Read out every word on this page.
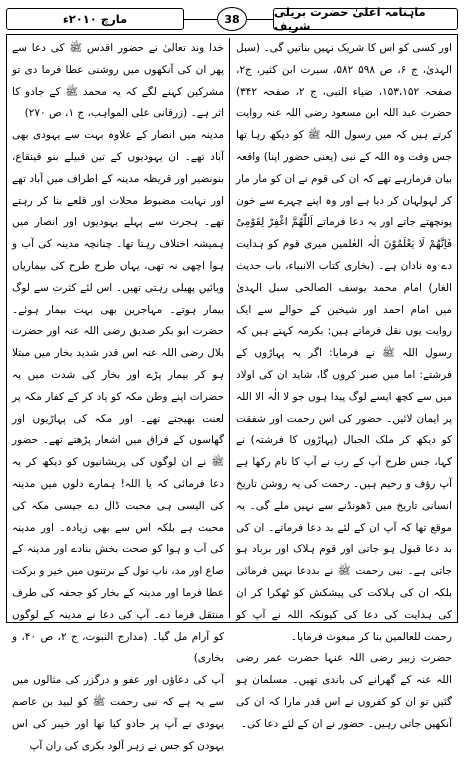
ماہنامہ اعلیٰ حضرت بریلی شریف
38
مارچ ۲۰۱۰ء

اور کسی کو اس کا شریک نہیں بناتیں گی۔ (سبل الہدیٰ، ج ۶، ص ۵۹۸ ۵۸۲، سیرت ابن کثیر، ج۲، صفحہ ۱۵۳،۱۵۲، ضیاء النبی، ج ۲، صفحہ ۳۴۲) حضرت عبد اللہ ابن مسعود رضی اللہ عنہ روایت کرتے ہیں کہ میں رسول اللہ ﷺ کو دیکھ رہا تھا جس وقت وہ اللہ کے نبی (یعنی حضور اپنا) واقعہ بیان فرمارہے تھے کہ ان کی قوم نے ان کو مار مار کر لہولہان کر دیا ہے اور وہ اپنے چہرے سے خون پونچھتے جاتے اور یہ دعا فرماتے اَللّٰھُمَّ اغْفِرْ لِقَوْمِیْ فَاِنَّھُمْ لَا یَعْلَمُوْنَ الٰہ العٰلمین میری قوم کو ہدایت دے وہ نادان ہے۔ (بخاری کتاب الانبیاء، باب حدیث الغار) امام محمد یوسف الصالحی سبل الہدیٰ میں امام احمد اور شیخین کے حوالے سے ایک روایت یوں نقل فرماتے ہیں: بکرمہ کہتے ہیں کہ رسول اللہ ﷺ نے فرمایا: اگر یہ پہاڑوں کے فرشتے: اما میں صبر کروں گا، شاید ان کی اولاد میں سے کچھ ایسے لوگ پیدا ہوں جو لا الٰہ الا اللہ پر ایمان لائیں۔ حضور کی اس رحمت اور شفقت کو دیکھ کر ملک الجبال (پہاڑوں کا فرشتہ) نے کہا، جس طرح آپ کے رب نے آپ کا نام رکھا ہے آپ رؤف و رحیم ہیں۔ رحمت کی یہ روشن تاریخ انسانی تاریخ میں ڈھونڈنے سے نہیں ملے گی۔ یہ موقع تھا کہ آپ ان کے لئے بد دعا فرماتے۔ ان کی بد دعا قبول ہو جاتی اور قوم ہلاک اور برباد ہو جاتی ہے۔ نبی رحمت ﷺ نے بددعا نہیں فرمائی بلکہ ان کی ہلاکت کی پیشکش کو ٹھکرا کر ان کی ہدایت کی دعا کی کیونکہ اللہ نے آپ کو رحمت للعالمین بنا کر مبعوث فرمایا۔

حضرت زبیر رضی اللہ عنہا حضرت عمر رضی اللہ عنہ کے گھرانے کی باندی تھیں۔ مسلمان ہو گئیں تو ان کو کفروں نے اس قدر مارا کہ ان کی آنکھیں جاتی رہیں۔ حضور نے ان کے لئے دعا کی۔

خدا وند تعالیٰ نے حضور اقدس ﷺ کی دعا سے پھر ان کی آنکھوں میں روشنی عطا فرما دی تو مشرکین کہنے لگے کہ یہ محمد ﷺ کے جادو کا اثر ہے۔ (زرقانی علی المواہب، ج ۱، ص ۲۷۰)

مدینہ میں انصار کے علاوہ بہت سے یہودی بھی آباد تھے۔ ان یہودیوں کے تین قبیلے بنو قینقاع، بنونضیر اور قریظہ مدینہ کے اطراف میں آباد تھے اور نہایت مضبوط محلات اور قلعے بنا کر رہتے تھے۔ ہجرت سے پہلے یہودیوں اور انصار میں ہمیشہ اختلاف رہتا تھا۔ چنانچہ مدینہ کی آب و ہوا اچھی نہ تھی، یہاں طرح طرح کی بیماریاں وبائیں پھیلی رہتی تھیں۔ اس لئے کثرت سے لوگ بیمار ہوتے۔ مہاجرین بھی بہت بیمار ہوئے۔ حضرت ابو بکر صدیق رضی اللہ عنہ اور حضرت بلال رضی اللہ عنہ اس قدر شدید بخار میں مبتلا ہو کر بیمار پڑے اور بخار کی شدت میں یہ حضرات اپنے وطن مکہ کو یاد کر کے کفار مکہ پر لعنت بھیجتے تھے۔ اور مکہ کی پہاڑیوں اور گھاسوں کے فراق میں اشعار پڑھتے تھے۔ حضور ﷺ نے ان لوگوں کی پریشانیوں کو دیکھ کر یہ دعا فرمائی کہ یا اللہ! ہمارے دلوں میں مدینہ کی الیسی ہی محبت ڈال دے جیسی مکہ کی محبت ہے بلکہ اس سے بھی زیادہ۔ اور مدینہ کی آب و ہوا کو صحت بخش بنادے اور مدینہ کے صاع اور مد، ناپ تول کے برتنوں میں خیر و برکت عطا فرما اور مدینہ کے بخار کو جحفہ کی طرف منتقل فرما دے۔ آپ کی دعا نے مدینہ کے لوگوں کو آرام مل گیا۔ (مدارج النبوت، ج ۲، ص ۴۰، و بخاری)

آپ کی دعاؤں اور عفو و درگزر کی مثالوں میں سے یہ ہے کہ نبی رحمت ﷺ کو لبید بن عاصم یہودی نے آپ پر جادو کیا تھا اور خیبر کی اس یہودن کو جس نے زہر آلود بکری کی ران آپ
